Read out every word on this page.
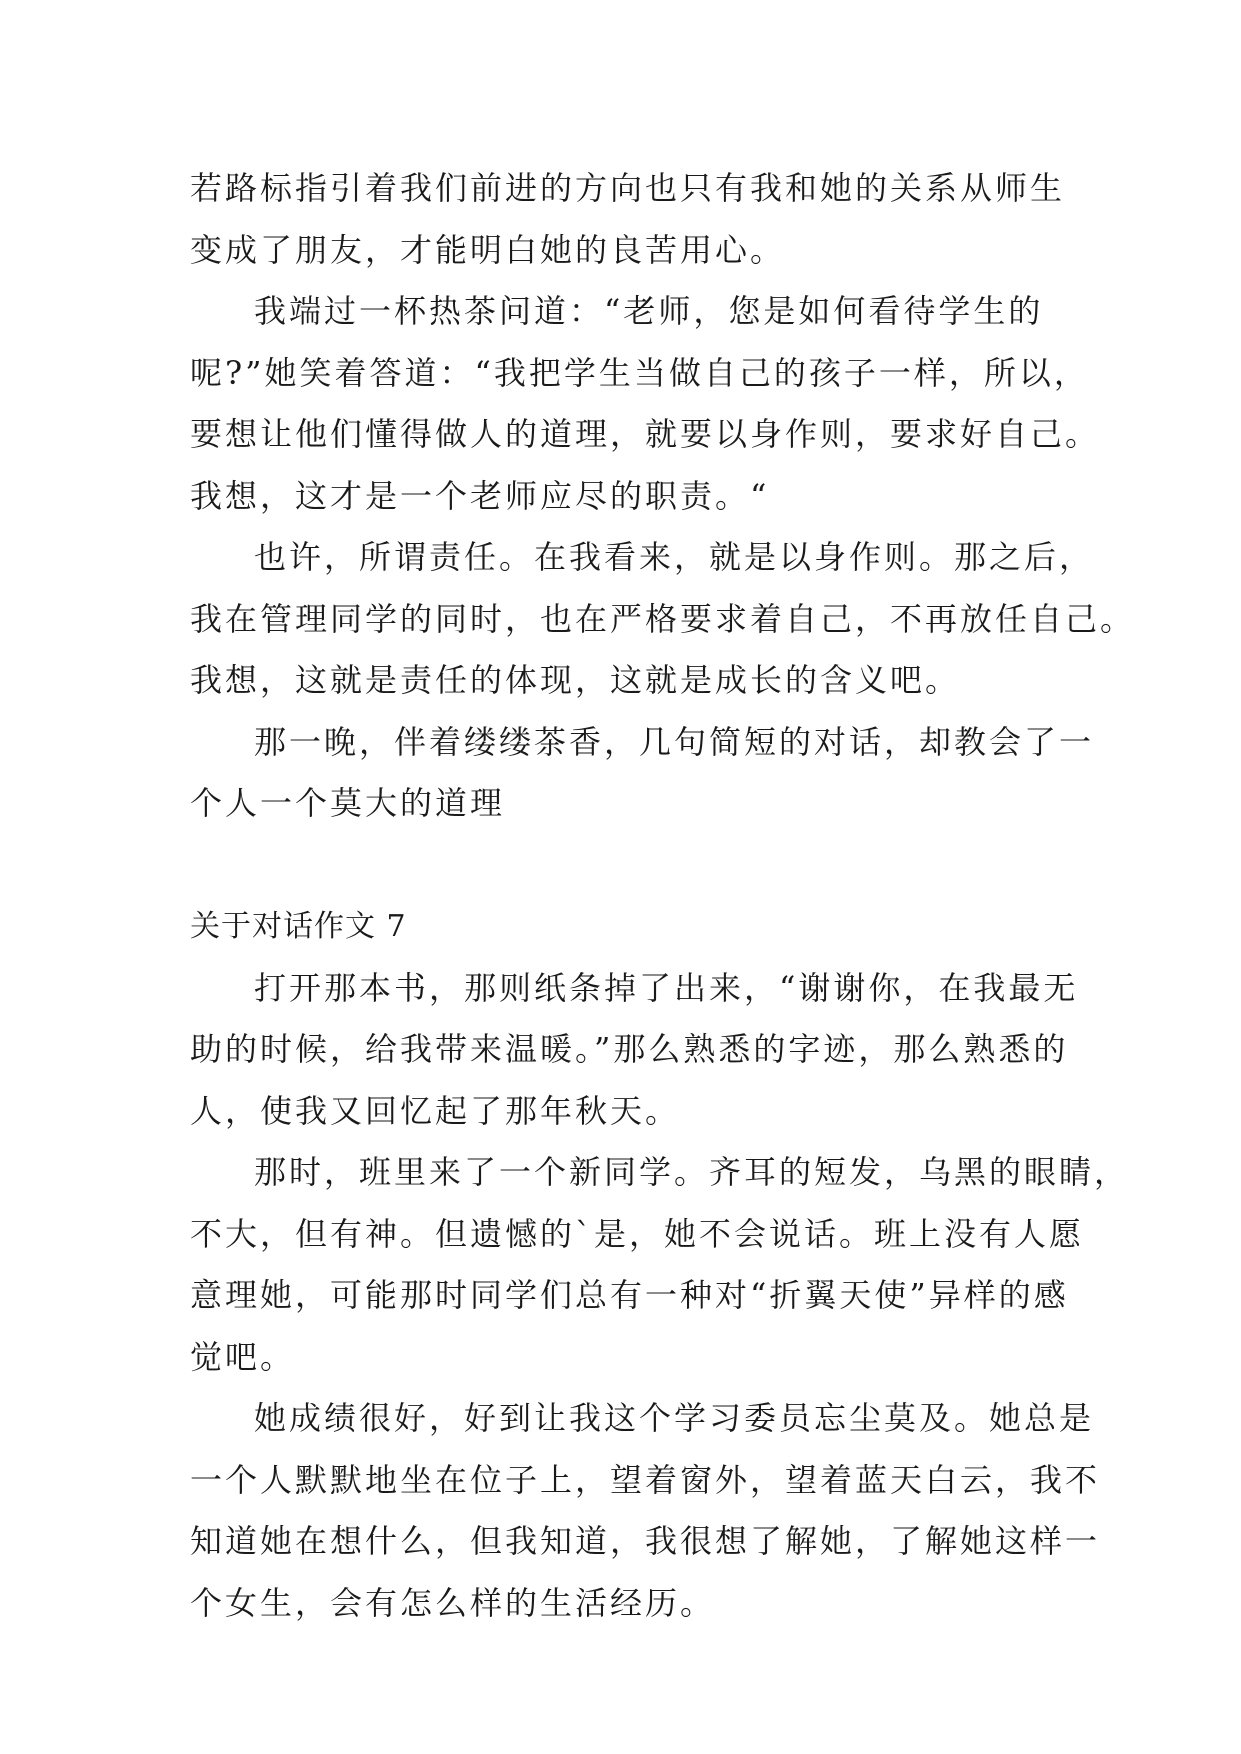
若路标指引着我们前进的方向也只有我和她的关系从师生
变成了朋友，才能明白她的良苦用心。
我端过一杯热茶问道：“老师，您是如何看待学生的
呢?”她笑着答道：“我把学生当做自己的孩子一样，所以，
要想让他们懂得做人的道理，就要以身作则，要求好自己。
我想，这才是一个老师应尽的职责。“
也许，所谓责任。在我看来，就是以身作则。那之后，
我在管理同学的同时，也在严格要求着自己，不再放任自己。
我想，这就是责任的体现，这就是成长的含义吧。
那一晚，伴着缕缕茶香，几句简短的对话，却教会了一
个人一个莫大的道理
关于对话作文 7
打开那本书，那则纸条掉了出来，“谢谢你，在我最无
助的时候，给我带来温暖。”那么熟悉的字迹，那么熟悉的
人，使我又回忆起了那年秋天。
那时，班里来了一个新同学。齐耳的短发，乌黑的眼睛，
不大，但有神。但遗憾的`是，她不会说话。班上没有人愿
意理她，可能那时同学们总有一种对“折翼天使”异样的感
觉吧。
她成绩很好，好到让我这个学习委员忘尘莫及。她总是
一个人默默地坐在位子上，望着窗外，望着蓝天白云，我不
知道她在想什么，但我知道，我很想了解她，了解她这样一
个女生，会有怎么样的生活经历。
